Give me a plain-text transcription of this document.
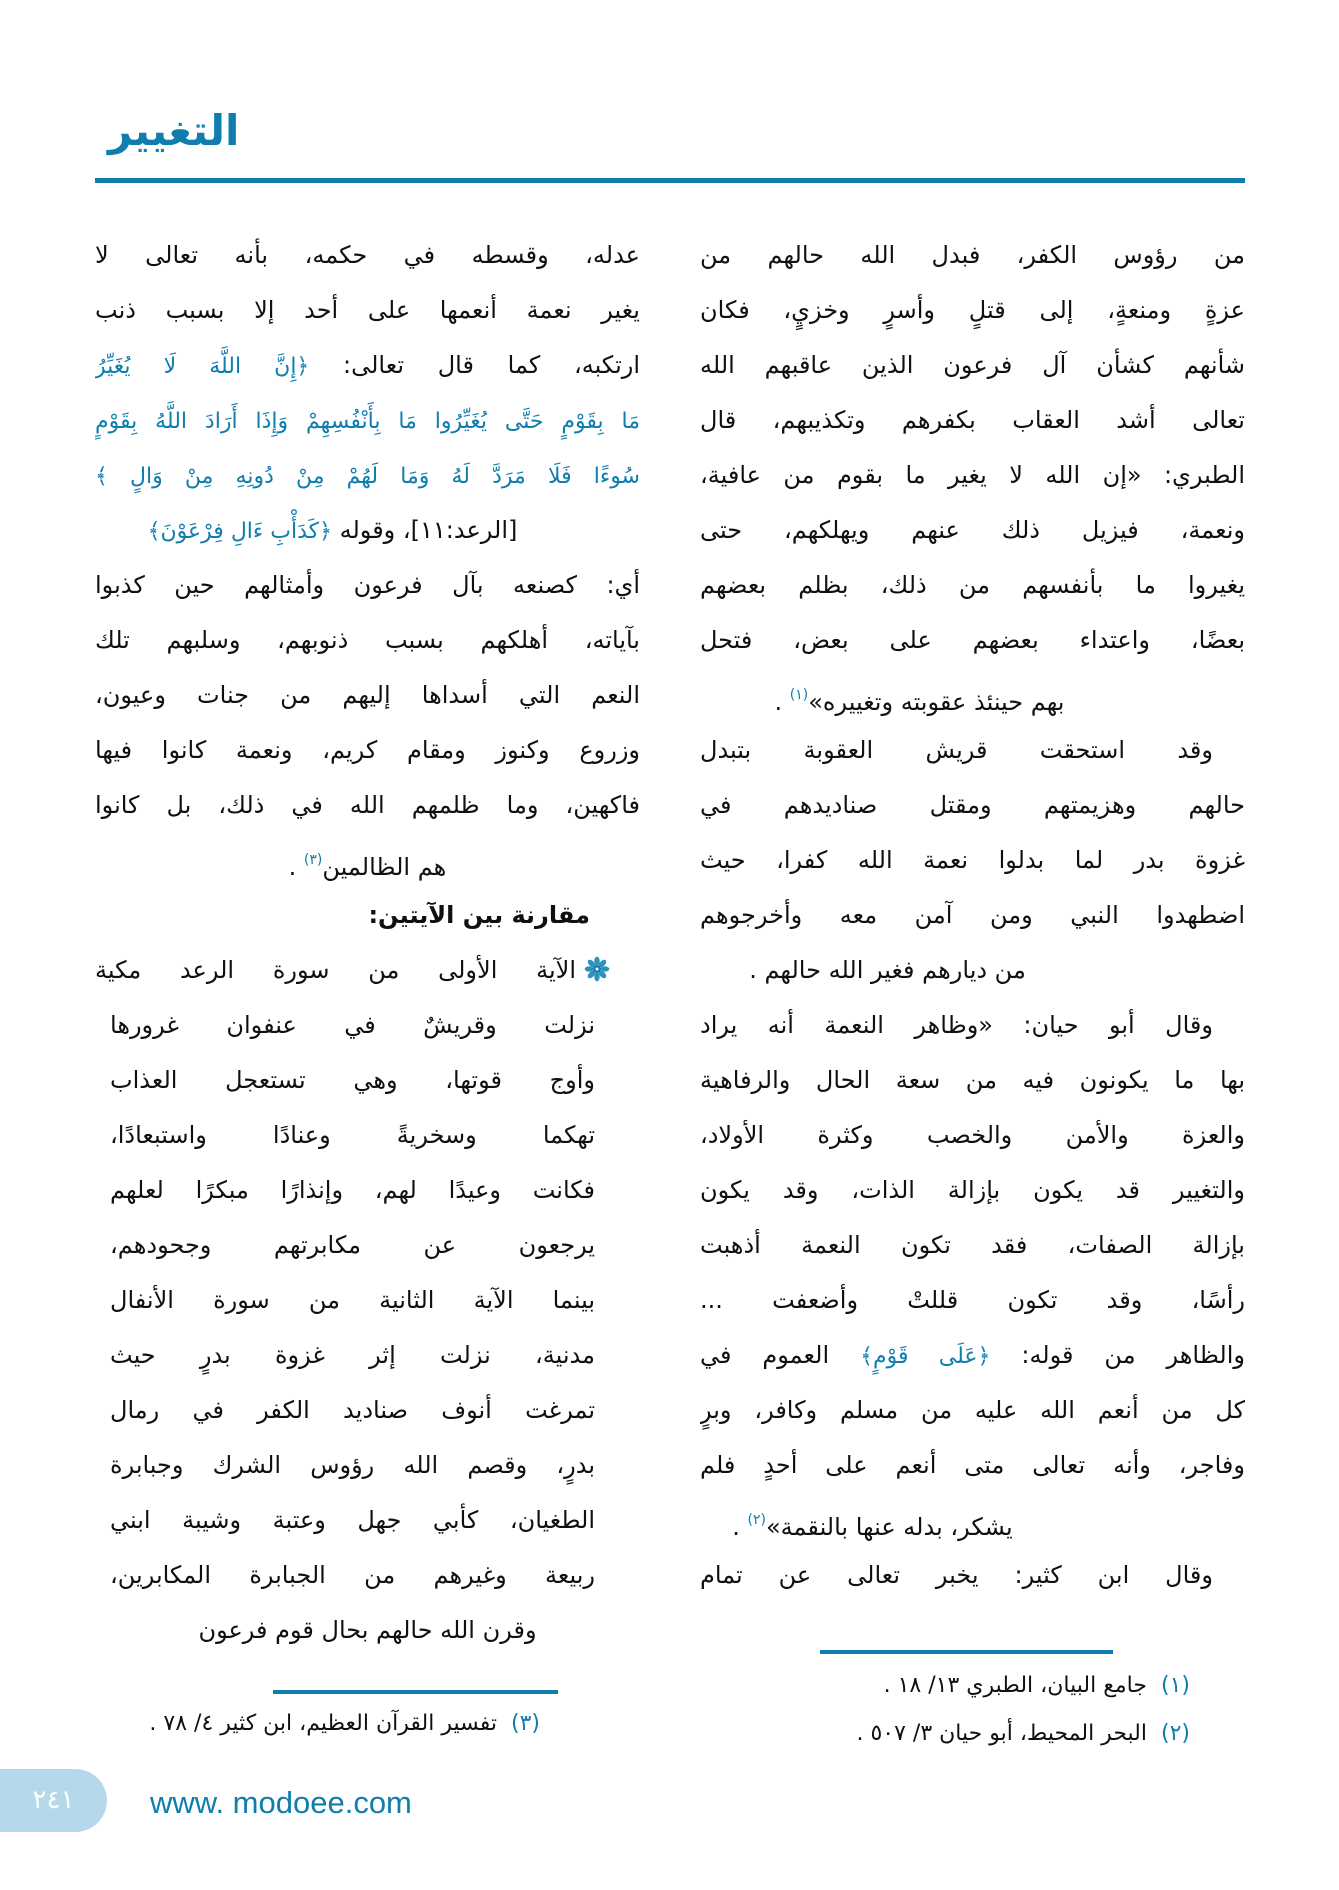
التغيير
من رؤوس الكفر، فبدل الله حالهم من
عزةٍ ومنعةٍ، إلى قتلٍ وأسرٍ وخزيٍ، فكان
شأنهم كشأن آل فرعون الذين عاقبهم الله
تعالى أشد العقاب بكفرهم وتكذيبهم، قال
الطبري: «إن الله لا يغير ما بقوم من عافية،
ونعمة، فيزيل ذلك عنهم ويهلكهم، حتى
يغيروا ما بأنفسهم من ذلك، بظلم بعضهم
بعضًا، واعتداء بعضهم على بعض، فتحل
بهم حينئذ عقوبته وتغييره»$^{(١)}$ .
وقد استحقت قريش العقوبة بتبدل
حالهم وهزيمتهم ومقتل صناديدهم في
غزوة بدر لما بدلوا نعمة الله كفرا، حيث
اضطهدوا النبي ومن آمن معه وأخرجوهم
من ديارهم فغير الله حالهم .
وقال أبو حيان: «وظاهر النعمة أنه يراد
بها ما يكونون فيه من سعة الحال والرفاهية
والعزة والأمن والخصب وكثرة الأولاد،
والتغيير قد يكون بإزالة الذات، وقد يكون
بإزالة الصفات، فقد تكون النعمة أذهبت
رأسًا، وقد تكون قللتْ وأضعفت ...
والظاهر من قوله: ﴿عَلَى قَوْمٍ﴾ العموم في
كل من أنعم الله عليه من مسلم وكافر، وبرٍ
وفاجر، وأنه تعالى متى أنعم على أحدٍ فلم
يشكر، بدله عنها بالنقمة»$^{(٢)}$ .
وقال ابن كثير: يخبر تعالى عن تمام
عدله، وقسطه في حكمه، بأنه تعالى لا
يغير نعمة أنعمها على أحد إلا بسبب ذنب
ارتكبه، كما قال تعالى: ﴿إِنَّ اللَّهَ لَا يُغَيِّرُ
مَا بِقَوْمٍ حَتَّى يُغَيِّرُوا مَا بِأَنْفُسِهِمْ وَإِذَا أَرَادَ اللَّهُ بِقَوْمٍ
سُوءًا فَلَا مَرَدَّ لَهُ وَمَا لَهُمْ مِنْ دُونِهِ مِنْ وَالٍ ﴾
[الرعد:١١]، وقوله ﴿كَدَأْبِ ءَالِ فِرْعَوْنَ﴾
أي: كصنعه بآل فرعون وأمثالهم حين كذبوا
بآياته، أهلكهم بسبب ذنوبهم، وسلبهم تلك
النعم التي أسداها إليهم من جنات وعيون،
وزروع وكنوز ومقام كريم، ونعمة كانوا فيها
فاكهين، وما ظلمهم الله في ذلك، بل كانوا
هم الظالمين$^{(٣)}$ .
مقارنة بين الآيتين:
الآية الأولى من سورة الرعد مكية
نزلت وقريشٌ في عنفوان غرورها
وأوج قوتها، وهي تستعجل العذاب
تهكما وسخريةً وعنادًا واستبعادًا،
فكانت وعيدًا لهم، وإنذارًا مبكرًا لعلهم
يرجعون عن مكابرتهم وجحودهم،
بينما الآية الثانية من سورة الأنفال
مدنية، نزلت إثر غزوة بدرٍ حيث
تمرغت أنوف صناديد الكفر في رمال
بدرٍ، وقصم الله رؤوس الشرك وجبابرة
الطغيان، كأبي جهل وعتبة وشيبة ابني
ربيعة وغيرهم من الجبابرة المكابرين،
وقرن الله حالهم بحال قوم فرعون
(١)جامع البيان، الطبري ١٣/ ١٨ .
(٢)البحر المحيط، أبو حيان ٣/ ٥٠٧ .
(٣)تفسير القرآن العظيم، ابن كثير ٤/ ٧٨ .
٢٤١	www. modoee.com
